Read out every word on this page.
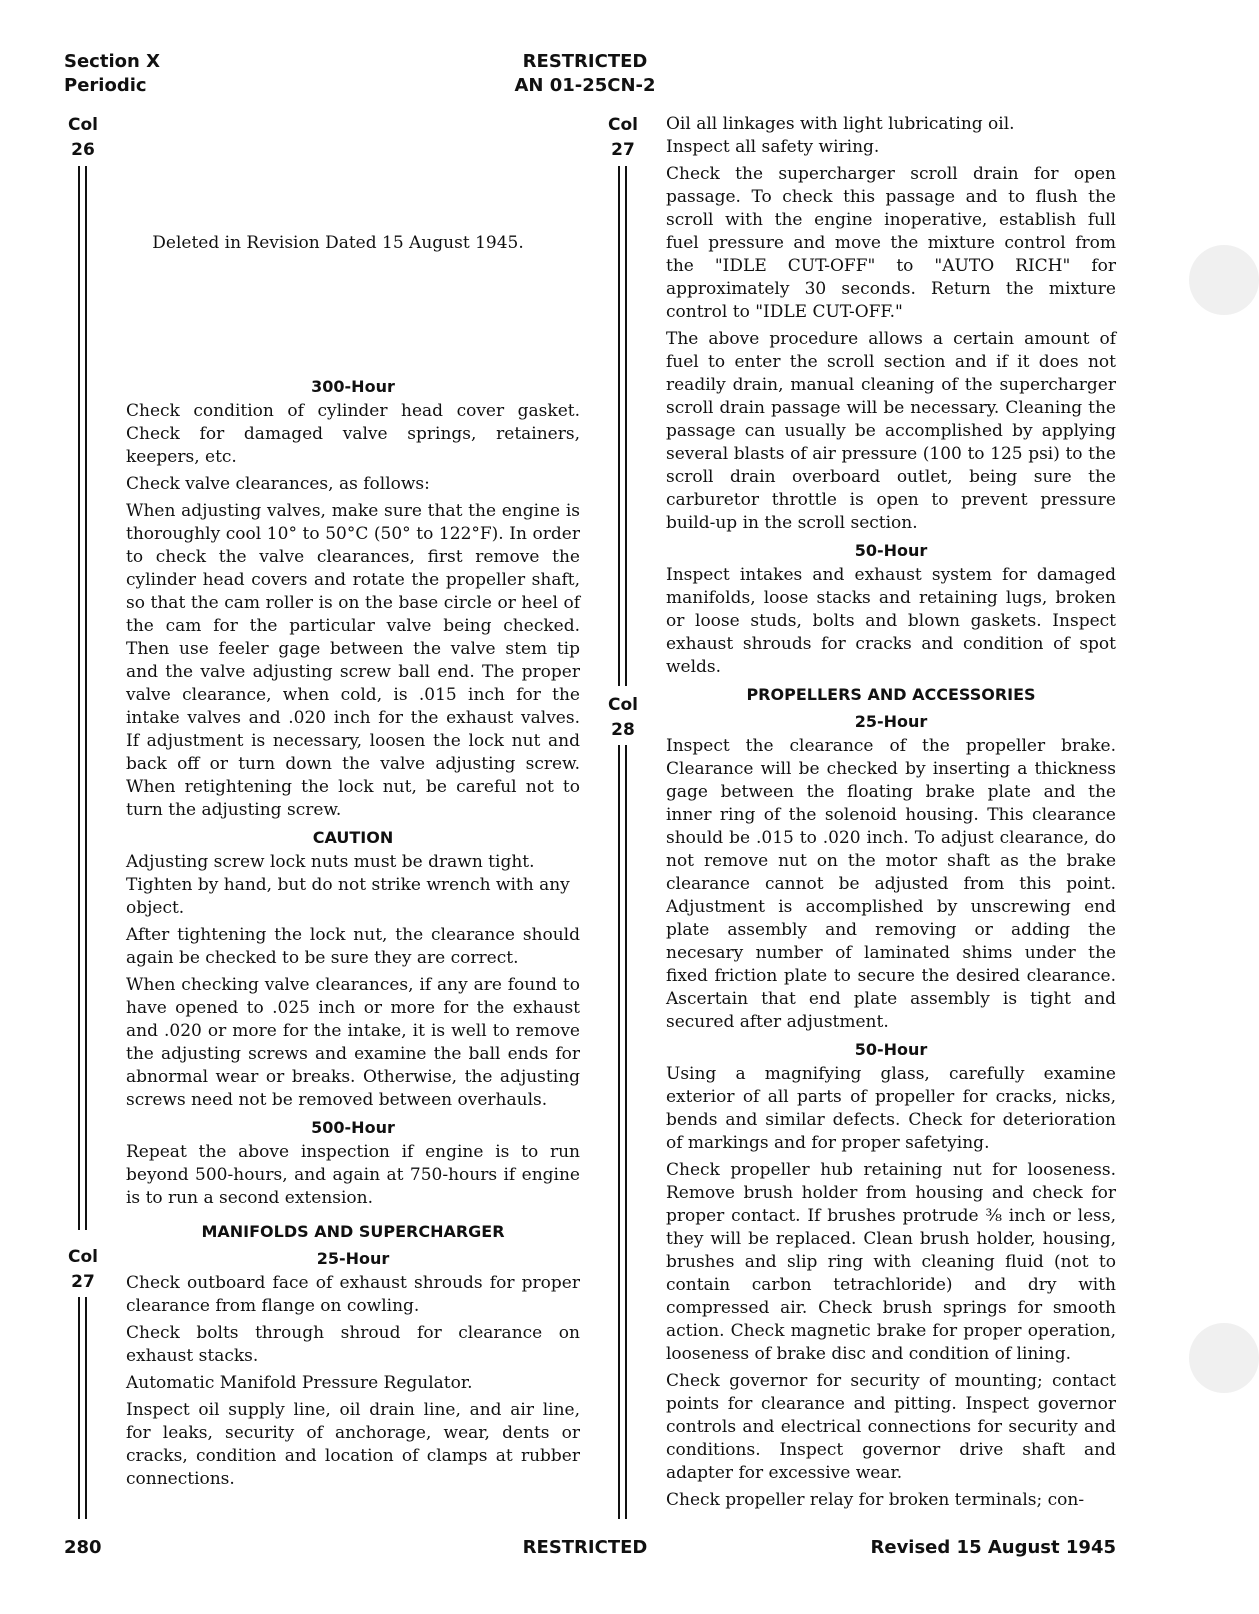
Section X
Periodic
RESTRICTED
AN 01-25CN-2
Col
26
Col
27
Col
27
Col
28

Deleted in Revision Dated 15 August 1945.

300-Hour

Check condition of cylinder head cover gasket. Check for damaged valve springs, retainers, keepers, etc.

Check valve clearances, as follows:

When adjusting valves, make sure that the engine is thoroughly cool 10° to 50°C (50° to 122°F). In order to check the valve clearances, first remove the cylinder head covers and rotate the propeller shaft, so that the cam roller is on the base circle or heel of the cam for the particular valve being checked. Then use feeler gage between the valve stem tip and the valve adjusting screw ball end. The proper valve clearance, when cold, is .015 inch for the intake valves and .020 inch for the exhaust valves. If adjustment is necessary, loosen the lock nut and back off or turn down the valve adjusting screw. When retightening the lock nut, be careful not to turn the adjusting screw.

CAUTION

Adjusting screw lock nuts must be drawn tight. Tighten by hand, but do not strike wrench with any object.

After tightening the lock nut, the clearance should again be checked to be sure they are correct.

When checking valve clearances, if any are found to have opened to .025 inch or more for the exhaust and .020 or more for the intake, it is well to remove the adjusting screws and examine the ball ends for abnormal wear or breaks. Otherwise, the adjusting screws need not be removed between overhauls.

500-Hour

Repeat the above inspection if engine is to run beyond 500-hours, and again at 750-hours if engine is to run a second extension.

MANIFOLDS AND SUPERCHARGER
25-Hour

Check outboard face of exhaust shrouds for proper clearance from flange on cowling.

Check bolts through shroud for clearance on exhaust stacks.

Automatic Manifold Pressure Regulator.

Inspect oil supply line, oil drain line, and air line, for leaks, security of anchorage, wear, dents or cracks, condition and location of clamps at rubber connections.

Oil all linkages with light lubricating oil.

Inspect all safety wiring.

Check the supercharger scroll drain for open passage. To check this passage and to flush the scroll with the engine inoperative, establish full fuel pressure and move the mixture control from the "IDLE CUT-OFF" to "AUTO RICH" for approximately 30 seconds. Return the mixture control to "IDLE CUT-OFF."

The above procedure allows a certain amount of fuel to enter the scroll section and if it does not readily drain, manual cleaning of the supercharger scroll drain passage will be necessary. Cleaning the passage can usually be accomplished by applying several blasts of air pressure (100 to 125 psi) to the scroll drain overboard outlet, being sure the carburetor throttle is open to prevent pressure build-up in the scroll section.

50-Hour

Inspect intakes and exhaust system for damaged manifolds, loose stacks and retaining lugs, broken or loose studs, bolts and blown gaskets. Inspect exhaust shrouds for cracks and condition of spot welds.

PROPELLERS AND ACCESSORIES
25-Hour

Inspect the clearance of the propeller brake. Clearance will be checked by inserting a thickness gage between the floating brake plate and the inner ring of the solenoid housing. This clearance should be .015 to .020 inch. To adjust clearance, do not remove nut on the motor shaft as the brake clearance cannot be adjusted from this point. Adjustment is accomplished by unscrewing end plate assembly and removing or adding the necesary number of laminated shims under the fixed friction plate to secure the desired clearance. Ascertain that end plate assembly is tight and secured after adjustment.

50-Hour

Using a magnifying glass, carefully examine exterior of all parts of propeller for cracks, nicks, bends and similar defects. Check for deterioration of markings and for proper safetying.

Check propeller hub retaining nut for looseness. Remove brush holder from housing and check for proper contact. If brushes protrude ⅜ inch or less, they will be replaced. Clean brush holder, housing, brushes and slip ring with cleaning fluid (not to contain carbon tetrachloride) and dry with compressed air. Check brush springs for smooth action. Check magnetic brake for proper operation, looseness of brake disc and condition of lining.

Check governor for security of mounting; contact points for clearance and pitting. Inspect governor controls and electrical connections for security and conditions. Inspect governor drive shaft and adapter for excessive wear.

Check propeller relay for broken terminals; con-

280	RESTRICTED	Revised 15 August 1945
